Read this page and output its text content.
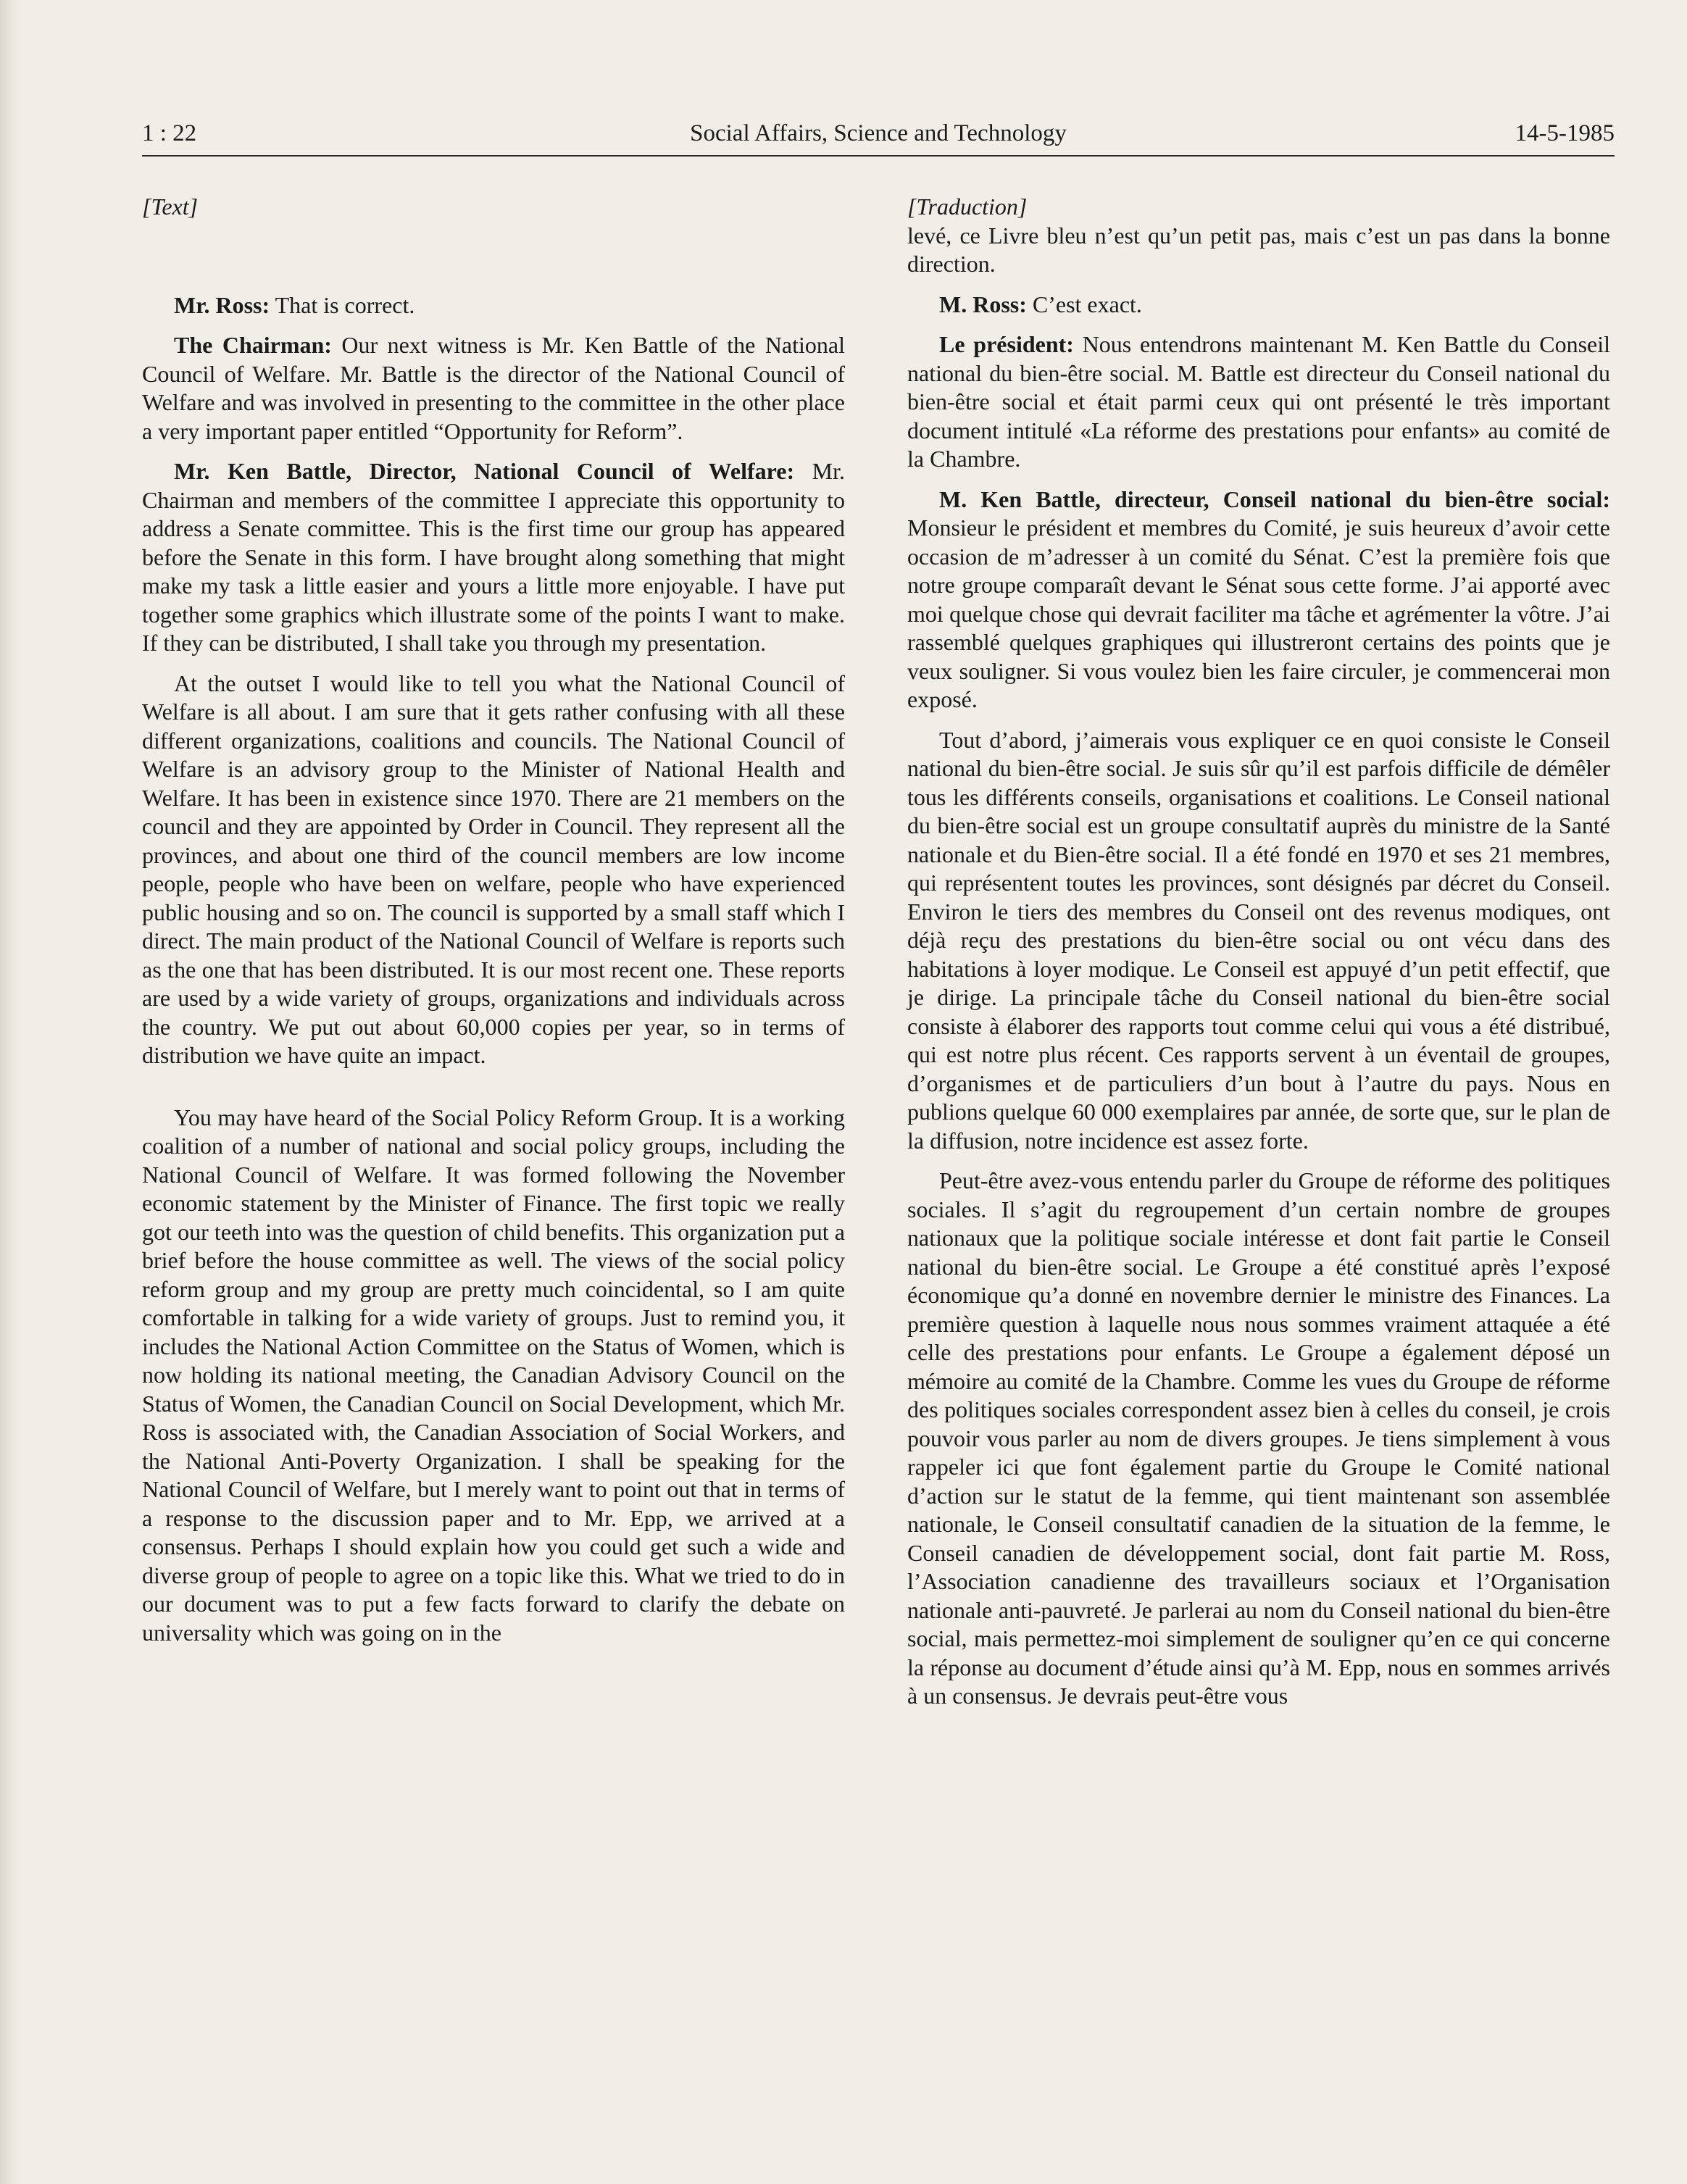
Social Affairs, Science and Technology
1 : 22	14-5-1985
[Text]

Mr. Ross: That is correct.

The Chairman: Our next witness is Mr. Ken Battle of the National Council of Welfare. Mr. Battle is the director of the National Council of Welfare and was involved in presenting to the committee in the other place a very important paper entitled “Opportunity for Reform”.

Mr. Ken Battle, Director, National Council of Welfare: Mr. Chairman and members of the committee I appreciate this opportunity to address a Senate committee. This is the first time our group has appeared before the Senate in this form. I have brought along something that might make my task a little easier and yours a little more enjoyable. I have put together some graphics which illustrate some of the points I want to make. If they can be distributed, I shall take you through my presentation.

At the outset I would like to tell you what the National Council of Welfare is all about. I am sure that it gets rather confusing with all these different organizations, coalitions and councils. The National Council of Welfare is an advisory group to the Minister of National Health and Welfare. It has been in existence since 1970. There are 21 members on the council and they are appointed by Order in Council. They represent all the provinces, and about one third of the council members are low income people, people who have been on welfare, people who have experienced public housing and so on. The council is supported by a small staff which I direct. The main product of the National Council of Welfare is reports such as the one that has been distributed. It is our most recent one. These reports are used by a wide variety of groups, organizations and individuals across the country. We put out about 60,000 copies per year, so in terms of distribution we have quite an impact.

You may have heard of the Social Policy Reform Group. It is a working coalition of a number of national and social policy groups, including the National Council of Welfare. It was formed following the November economic statement by the Minister of Finance. The first topic we really got our teeth into was the question of child benefits. This organization put a brief before the house committee as well. The views of the social policy reform group and my group are pretty much coincidental, so I am quite comfortable in talking for a wide variety of groups. Just to remind you, it includes the National Action Committee on the Status of Women, which is now holding its national meeting, the Canadian Advisory Council on the Status of Women, the Canadian Council on Social Development, which Mr. Ross is associated with, the Canadian Association of Social Workers, and the National Anti-Poverty Organization. I shall be speaking for the National Council of Welfare, but I merely want to point out that in terms of a response to the discussion paper and to Mr. Epp, we arrived at a consensus. Perhaps I should explain how you could get such a wide and diverse group of people to agree on a topic like this. What we tried to do in our document was to put a few facts forward to clarify the debate on universality which was going on in the

[Traduction]

levé, ce Livre bleu n’est qu’un petit pas, mais c’est un pas dans la bonne direction.

M. Ross: C’est exact.

Le président: Nous entendrons maintenant M. Ken Battle du Conseil national du bien-être social. M. Battle est directeur du Conseil national du bien-être social et était parmi ceux qui ont présenté le très important document intitulé «La réforme des prestations pour enfants» au comité de la Chambre.

M. Ken Battle, directeur, Conseil national du bien-être social: Monsieur le président et membres du Comité, je suis heureux d’avoir cette occasion de m’adresser à un comité du Sénat. C’est la première fois que notre groupe comparaît devant le Sénat sous cette forme. J’ai apporté avec moi quelque chose qui devrait faciliter ma tâche et agrémenter la vôtre. J’ai rassemblé quelques graphiques qui illustreront certains des points que je veux souligner. Si vous voulez bien les faire circuler, je commencerai mon exposé.

Tout d’abord, j’aimerais vous expliquer ce en quoi consiste le Conseil national du bien-être social. Je suis sûr qu’il est parfois difficile de démêler tous les différents conseils, organisations et coalitions. Le Conseil national du bien-être social est un groupe consultatif auprès du ministre de la Santé nationale et du Bien-être social. Il a été fondé en 1970 et ses 21 membres, qui représentent toutes les provinces, sont désignés par décret du Conseil. Environ le tiers des membres du Conseil ont des revenus modiques, ont déjà reçu des prestations du bien-être social ou ont vécu dans des habitations à loyer modique. Le Conseil est appuyé d’un petit effectif, que je dirige. La principale tâche du Conseil national du bien-être social consiste à élaborer des rapports tout comme celui qui vous a été distribué, qui est notre plus récent. Ces rapports servent à un éventail de groupes, d’organismes et de particuliers d’un bout à l’autre du pays. Nous en publions quelque 60 000 exemplaires par année, de sorte que, sur le plan de la diffusion, notre incidence est assez forte.

Peut-être avez-vous entendu parler du Groupe de réforme des politiques sociales. Il s’agit du regroupement d’un certain nombre de groupes nationaux que la politique sociale intéresse et dont fait partie le Conseil national du bien-être social. Le Groupe a été constitué après l’exposé économique qu’a donné en novembre dernier le ministre des Finances. La première question à laquelle nous nous sommes vraiment attaquée a été celle des prestations pour enfants. Le Groupe a également déposé un mémoire au comité de la Chambre. Comme les vues du Groupe de réforme des politiques sociales correspondent assez bien à celles du conseil, je crois pouvoir vous parler au nom de divers groupes. Je tiens simplement à vous rappeler ici que font également partie du Groupe le Comité national d’action sur le statut de la femme, qui tient maintenant son assemblée nationale, le Conseil consultatif canadien de la situation de la femme, le Conseil canadien de développement social, dont fait partie M. Ross, l’Association canadienne des travailleurs sociaux et l’Organisation nationale anti-pauvreté. Je parlerai au nom du Conseil national du bien-être social, mais permettez-moi simplement de souligner qu’en ce qui concerne la réponse au document d’étude ainsi qu’à M. Epp, nous en sommes arrivés à un consensus. Je devrais peut-être vous
